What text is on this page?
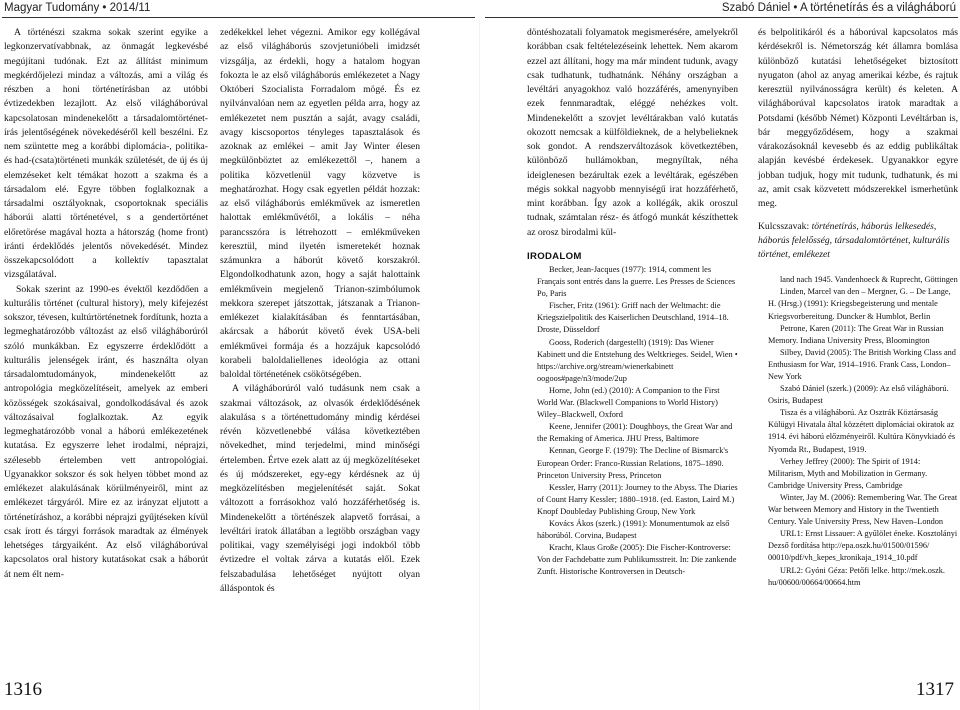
Magyar Tudomány • 2014/11	Szabó Dániel • A történetírás és a világháború

A történészi szakma sokak szerint egyike a legkonzervatívabbnak, az önmagát legkevésbé megújítani tudónak. Ezt az állítást minimum megkérdőjelezi mindaz a változás, ami a világ és részben a honi történetírásban az utóbbi évtizedekben lezajlott. Az első világháborúval kapcsolatosan mindenekelőtt a társadalomtörténet-írás jelentőségének növekedéséről kell beszélni. Ez nem szüntette meg a korábbi diplomácia-, politika- és had-(csata)történeti munkák születését, de új és új elemzéseket kelt témákat hozott a szakma és a társadalom elé. Egyre többen foglalkoznak a társadalmi osztályoknak, csoportoknak speciális háborúi alatti történetével, s a gendertörténet előretörése magával hozta a hátország (home front) iránti érdeklődés jelentős növekedését. Mindez összekapcsolódott a kollektív tapasztalat vizsgálatával.

Sokak szerint az 1990-es évektől kezdődően a kulturális történet (cultural history), mely kifejezést sokszor, tévesen, kultúrtörténetnek fordítunk, hozta a legmeghatározóbb változást az első világháborúról szóló munkákban. Ez egyszerre érdeklődött a kulturális jelenségek iránt, és használta olyan társadalomtudományok, mindenekelőtt az antropológia megközelítéseit, amelyek az emberi közösségek szokásaival, gondolkodásával és azok változásaival foglalkoztak. Az egyik legmeghatározóbb vonal a háború emlékezetének kutatása. Ez egyszerre lehet irodalmi, néprajzi, szélesebb értelemben vett antropológiai. Ugyanakkor sokszor és sok helyen többet mond az emlékezet alakulásának körülményeiről, mint az emlékezet tárgyáról. Mire ez az irányzat eljutott a történetíráshoz, a korábbi néprajzi gyűjtéseken kívül csak írott és tárgyi források maradtak az élmények lehetséges tárgyaiként. Az első világháborúval kapcsolatos oral history kutatásokat csak a háborút át nem élt nem-

zedékekkel lehet végezni. Amikor egy kollégával az első világháborús szovjetunióbeli imidzsét vizsgálja, az érdekli, hogy a hatalom hogyan fokozta le az első világháborús emlékezetet a Nagy Októberi Szocialista Forradalom mögé. És ez nyilvánvalóan nem az egyetlen példa arra, hogy az emlékezetet nem pusztán a saját, avagy családi, avagy kiscsoportos tényleges tapasztalások és azoknak az emlékei – amit Jay Winter élesen megkülönböztet az emlékezettől –, hanem a politika közvetlenül vagy közvetve is meghatározhat. Hogy csak egyetlen példát hozzak: az első világháborús emlékművek az ismeretlen halottak emlékművétől, a lokális – néha parancsszóra is létrehozott – emlékműveken keresztül, mind ilyetén ismeretekét hoznak számunkra a háborút követő korszakról. Elgondolkodhatunk azon, hogy a saját halottaink emlékművein megjelenő Trianon-szimbólumok mekkora szerepet játszottak, játszanak a Trianon-emlékezet kialakításában és fenntartásában, akárcsak a háborút követő évek USA-beli emlékművei formája és a hozzájuk kapcsolódó korabeli baloldaliellenes ideológia az ottani baloldal történetének csökötségében.

A világháborúról való tudásunk nem csak a szakmai változások, az olvasók érdeklődésének alakulása s a történettudomány mindig kérdései révén közvetlenebbé válása következtében növekedhet, mind terjedelmi, mind minőségi értelemben. Értve ezek alatt az új megközelítéseket és új módszereket, egy-egy kérdésnek az új megközelítésben megjelenítését saját. Sokat változott a forrásokhoz való hozzáférhetőség is. Mindenekelőtt a történészek alapvető forrásai, a levéltári iratok állatában a legtöbb országban vagy politikai, vagy személyiségi jogi indokból több évtizedre el voltak zárva a kutatás elől. Ezek felszabadulása lehetőséget nyújtott olyan álláspontok és

döntéshozatali folyamatok megismerésére, amelyekről korábban csak feltételezéseink lehettek. Nem akarom ezzel azt állítani, hogy ma már mindent tudunk, avagy csak tudhatunk, tudhatnánk. Néhány országban a levéltári anyagokhoz való hozzáférés, amenynyiben ezek fennmaradtak, eléggé nehézkes volt. Mindenekelőtt a szovjet levéltárakban való kutatás okozott nemcsak a külföldieknek, de a helybelieknek sok gondot. A rendszerváltozások következtében, különböző hullámokban, megnyíltak, néha ideiglenesen bezárultak ezek a levéltárak, egészében mégis sokkal nagyobb mennyiségű irat hozzáférhető, mint korábban. Így azok a kollégák, akik oroszul tudnak, számtalan rész- és átfogó munkát készíthettek az orosz birodalmi kül-

IRODALOM

Becker, Jean-Jacques (1977): 1914, comment les Français sont entrés dans la guerre. Les Presses de Sciences Po, Paris

Fischer, Fritz (1961): Griff nach der Weltmacht: die Kriegszielpolitik des Kaiserlichen Deutschland, 1914–18. Droste, Düsseldorf

Gooss, Roderich (dargestellt) (1919): Das Wiener Kabinett und die Entstehung des Weltkrieges. Seidel, Wien • https://archive.org/stream/wienerkabinett oogoos#page/n3/mode/2up

Horne, John (ed.) (2010): A Companion to the First World War. (Blackwell Companions to World History) Wiley–Blackwell, Oxford

Keene, Jennifer (2001): Doughboys, the Great War and the Remaking of America. JHU Press, Baltimore

Kennan, George F. (1979): The Decline of Bismarck's European Order: Franco-Russian Relations, 1875–1890. Princeton University Press, Princeton

Kessler, Harry (2011): Journey to the Abyss. The Diaries of Count Harry Kessler; 1880–1918. (ed. Easton, Laird M.) Knopf Doubleday Publishing Group, New York

Kovács Ákos (szerk.) (1991): Monumentumok az első háborúból. Corvina, Budapest

Kracht, Klaus Große (2005): Die Fischer-Kontroverse: Von der Fachdebatte zum Publikumsstreit. In: Die zankende Zunft. Historische Kontroversen in Deutsch-

és belpolitikáról és a háborúval kapcsolatos más kérdésekről is. Németország két államra bomlása különböző kutatási lehetőségeket biztosított nyugaton (ahol az anyag amerikai kézbe, és rajtuk keresztül nyilvánosságra került) és keleten. A világháborúval kapcsolatos iratok maradtak a Potsdami (később Német) Központi Levéltárban is, bár meggyőződésem, hogy a szakmai várakozásoknál kevesebb és az eddig publikáltak alapján kevésbé érdekesek. Ugyanakkor egyre jobban tudjuk, hogy mit tudunk, tudhatunk, és mi az, amit csak közvetett módszerekkel ismerhetünk meg.

Kulcsszavak: történetírás, háborús lelkesedés, háborús felelősség, társadalomtörténet, kulturális történet, emlékezet

land nach 1945. Vandenhoeck & Ruprecht, Göttingen

Linden, Marcel van den – Mergner, G. – De Lange, H. (Hrsg.) (1991): Kriegsbegeisterung und mentale Kriegsvorbereitung. Duncker & Humblot, Berlin

Petrone, Karen (2011): The Great War in Russian Memory. Indiana University Press, Bloomington

Silbey, David (2005): The British Working Class and Enthusiasm for War, 1914–1916. Frank Cass, London–New York

Szabó Dániel (szerk.) (2009): Az első világháború. Osiris, Budapest

Tisza és a világháború. Az Osztrák Köztársaság Külügyi Hivatala által közzétett diplomáciai okiratok az 1914. évi háború előzményeiről. Kultúra Könyvkiadó és Nyomda Rt., Budapest, 1919.

Verhey Jeffrey (2000): The Spirit of 1914: Militarism, Myth and Mobilization in Germany. Cambridge University Press, Cambridge

Winter, Jay M. (2006): Remembering War. The Great War between Memory and History in the Twentieth Century. Yale University Press, New Haven–London

URL1: Ernst Lissauer: A gyűlölet éneke. Kosztolányi Dezső fordítása http://epa.oszk.hu/01500/01596/ 00010/pdf/vh_kepes_kronikaja_1914_10.pdf

URL2: Gyóni Géza: Petőfi lelke. http://mek.oszk. hu/00600/00664/00664.htm

1316	1317
